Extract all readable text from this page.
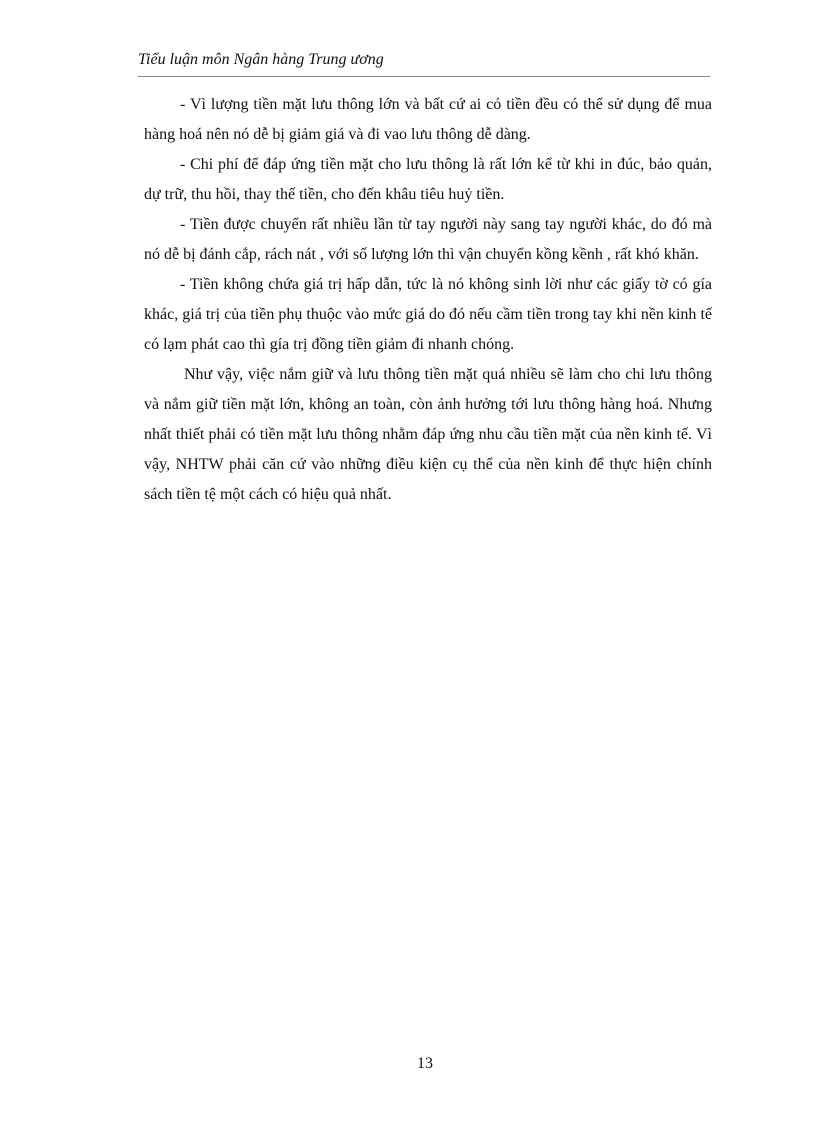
Tiểu luận môn Ngân hàng Trung ương

- Vì lượng tiền mặt lưu thông lớn và bất cứ ai có tiền đều có thể sử dụng để mua hàng hoá nên nó dễ bị giảm giá và đi vao lưu thông dễ dàng.

- Chi phí để đáp ứng tiền mặt cho lưu thông là rất lớn kể từ khi in đúc, bảo quản, dự trữ, thu hồi, thay thế tiền, cho đến khâu tiêu huỷ tiền.

- Tiền được chuyển rất nhiều lần từ tay người này sang tay người khác, do đó mà nó dễ bị đánh cắp, rách nát , với số lượng lớn thì vận chuyển kồng kềnh , rất khó khăn.

- Tiền không chứa giá trị hấp dẫn, tức là nó không sinh lời như các giấy tờ có gía khác, giá trị của tiền phụ thuộc vào mức giá do đó nếu cầm tiền trong tay khi nền kinh tế có lạm phát cao thì gía trị đồng tiền giảm đi nhanh chóng.

Như vậy, việc nắm giữ và lưu thông tiền mặt quá nhiều sẽ làm cho chi lưu thông và nắm giữ tiền mặt lớn, không an toàn, còn ảnh hưởng tới lưu thông hàng hoá. Nhưng nhất thiết phải có tiền mặt lưu thông nhằm đáp ứng nhu cầu tiền mặt của nền kinh tế. Vì vậy, NHTW phải căn cứ vào những điều kiện cụ thể của nền kinh để thực hiện chính sách tiền tệ một cách có hiệu quả nhất.

13
